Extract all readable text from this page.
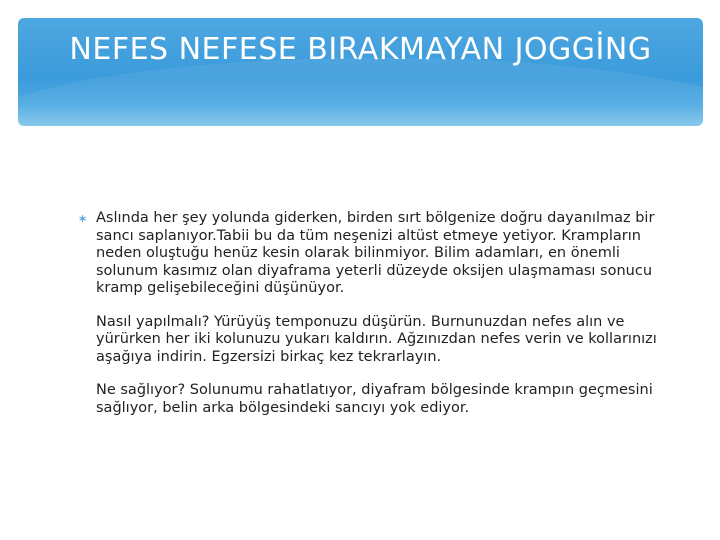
NEFES NEFESE BIRAKMAYAN JOGGİNG

∗ Aslında her şey yolunda giderken, birden sırt bölgenize doğru dayanılmaz bir sancı saplanıyor.Tabii bu da tüm neşenizi altüst etmeye yetiyor. Krampların neden oluştuğu henüz kesin olarak bilinmiyor. Bilim adamları, en önemli solunum kasımız olan diyaframa yeterli düzeyde oksijen ulaşmaması sonucu kramp gelişebileceğini düşünüyor.

Nasıl yapılmalı? Yürüyüş temponuzu düşürün. Burnunuzdan nefes alın ve yürürken her iki kolunuzu yukarı kaldırın. Ağzınızdan nefes verin ve kollarınızı aşağıya indirin. Egzersizi birkaç kez tekrarlayın.

Ne sağlıyor? Solunumu rahatlatıyor, diyafram bölgesinde krampın geçmesini sağlıyor, belin arka bölgesindeki sancıyı yok ediyor.
